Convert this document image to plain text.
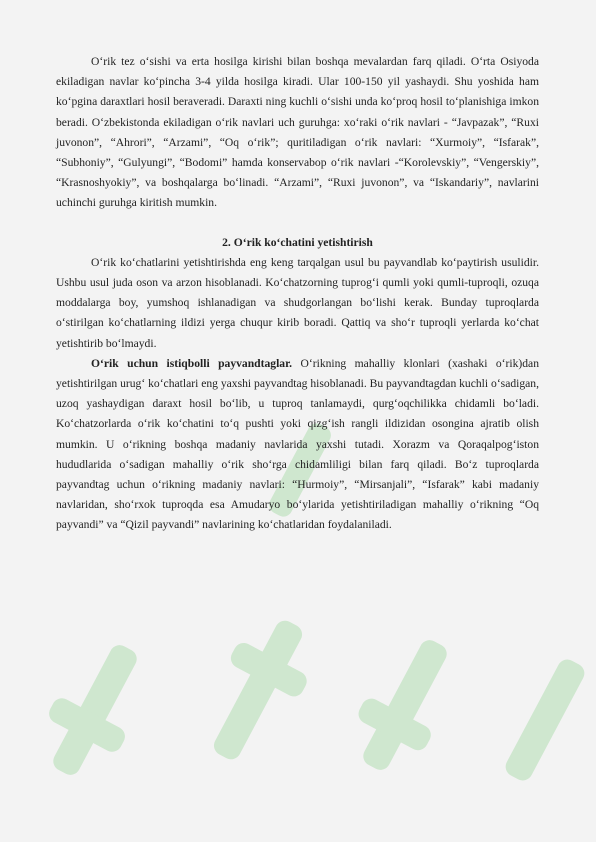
O‘rik tez o‘sishi va erta hosilga kirishi bilan boshqa mevalardan farq qiladi. O‘rta Osiyoda ekiladigan navlar ko‘pincha 3-4 yilda hosilga kiradi. Ular 100-150 yil yashaydi. Shu yoshida ham ko‘pgina daraxtlari hosil beraveradi. Daraxti ning kuchli o‘sishi unda ko‘proq hosil to‘planishiga imkon beradi. O‘zbekistonda ekiladigan o‘rik navlari uch guruhga: xo‘raki o‘rik navlari - “Javpazak”, “Ruxi juvonon”, “Ahrori”, “Arzami”, “Oq o‘rik”; quritiladigan o‘rik navlari: “Xurmoiy”, “Isfarak”, “Subhoniy”, “Gulyungi”, “Bodomi” hamda konservabop o‘rik navlari -“Korolevskiy”, “Vengerskiy”, “Krasnoshyokiy”, va boshqalarga bo‘linadi. “Arzami”, “Ruxi juvonon”, va “Iskandariy”, navlarini uchinchi guruhga kiritish mumkin.

2. O‘rik ko‘chatini yetishtirish

O‘rik ko‘chatlarini yetishtirishda eng keng tarqalgan usul bu payvandlab ko‘paytirish usulidir. Ushbu usul juda oson va arzon hisoblanadi. Ko‘chatzorning tuprog‘i qumli yoki qumli-tuproqli, ozuqa moddalarga boy, yumshoq ishlanadigan va shudgorlangan bo‘lishi kerak. Bunday tuproqlarda o‘stirilgan ko‘chatlarning ildizi yerga chuqur kirib boradi. Qattiq va sho‘r tuproqli yerlarda ko‘chat yetishtirib bo‘lmaydi.

O‘rik uchun istiqbolli payvandtaglar. O‘rikning mahalliy klonlari (xashaki o‘rik)dan yetishtirilgan urug‘ ko‘chatlari eng yaxshi payvandtag hisoblanadi. Bu payvandtagdan kuchli o‘sadigan, uzoq yashaydigan daraxt hosil bo‘lib, u tuproq tanlamaydi, qurg‘oqchilikka chidamli bo‘ladi. Ko‘chatzorlarda o‘rik ko‘chatini to‘q pushti yoki qizg‘ish rangli ildizidan osongina ajratib olish mumkin. U o‘rikning boshqa madaniy navlarida yaxshi tutadi. Xorazm va Qoraqalpog‘iston hududlarida o‘sadigan mahalliy o‘rik sho‘rga chidamliligi bilan farq qiladi. Bo‘z tuproqlarda payvandtag uchun o‘rikning madaniy navlari: “Hurmoiy”, “Mirsanjali”, “Isfarak” kabi madaniy navlaridan, sho‘rxok tuproqda esa Amudaryo bo‘ylarida yetishtiriladigan mahalliy o‘rikning “Oq payvandi” va “Qizil payvandi” navlarining ko‘chatlaridan foydalaniladi.
